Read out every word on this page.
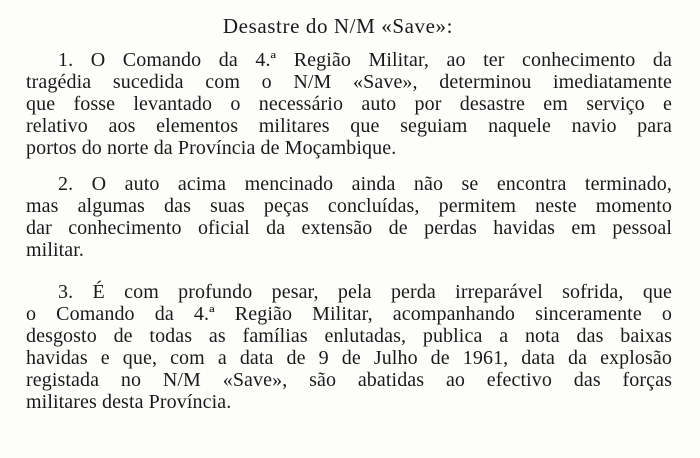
Desastre do N/M «Save»:
1. O Comando da 4.ª Região Militar, ao ter conhecimento da
tragédia sucedida com o N/M «Save», determinou imediatamente
que fosse levantado o necessário auto por desastre em serviço e
relativo aos elementos militares que seguiam naquele navio para
portos do norte da Província de Moçambique.
2. O auto acima mencinado ainda não se encontra terminado,
mas algumas das suas peças concluídas, permitem neste momento
dar conhecimento oficial da extensão de perdas havidas em pessoal
militar.
3. É com profundo pesar, pela perda irreparável sofrida, que
o Comando da 4.ª Região Militar, acompanhando sinceramente o
desgosto de todas as famílias enlutadas, publica a nota das baixas
havidas e que, com a data de 9 de Julho de 1961, data da explosão
registada no N/M «Save», são abatidas ao efectivo das forças
militares desta Província.
